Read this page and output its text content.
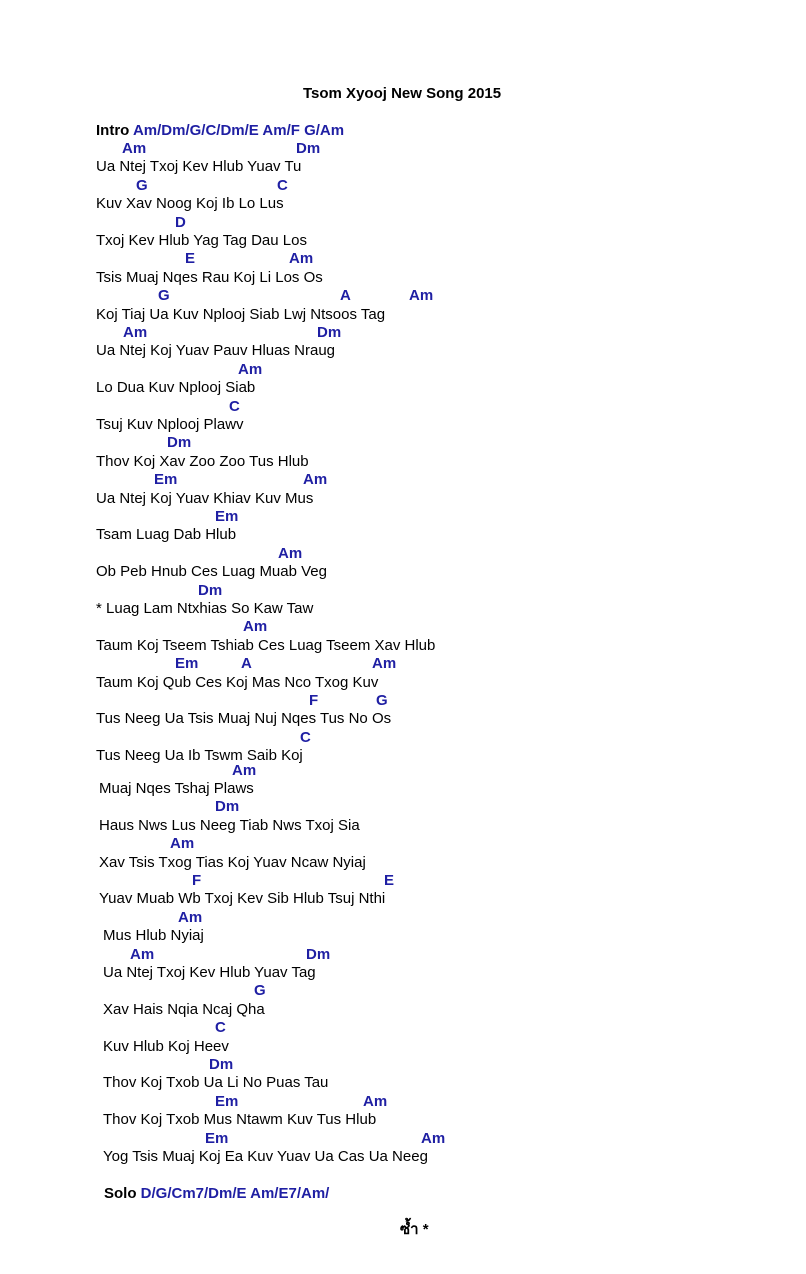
Tsom Xyooj New Song 2015
Intro Am/Dm/G/C/Dm/E Am/F G/Am
Am	Dm
G	C
D
E	Am
G	A	Am
Am	Dm
Am
C
Dm
Em	Am
Em
Am
Dm
Am
Em	A	Am
F	G
C
Am
Dm
Am
F	E
Am
Am	Dm
G
C
Dm
Em	Am
Em	Am
Ua Ntej Txoj Kev Hlub Yuav Tu
Kuv Xav Noog Koj Ib Lo Lus
Txoj Kev Hlub Yag Tag Dau Los
Tsis Muaj Nqes Rau Koj Li Los Os
Koj Tiaj Ua Kuv Nplooj Siab Lwj Ntsoos Tag
Ua Ntej Koj Yuav Pauv Hluas Nraug
Lo Dua Kuv Nplooj Siab
Tsuj Kuv Nplooj Plawv
Thov Koj Xav Zoo Zoo Tus Hlub
Ua Ntej Koj Yuav Khiav Kuv Mus
Tsam Luag Dab Hlub
Ob Peb Hnub Ces Luag Muab Veg
* Luag Lam Ntxhias So Kaw Taw
Taum Koj Tseem Tshiab Ces Luag Tseem Xav Hlub
Taum Koj Qub Ces Koj Mas Nco Txog Kuv
Tus Neeg Ua Tsis Muaj Nuj Nqes Tus No Os
Tus Neeg Ua Ib Tswm Saib Koj
Muaj Nqes Tshaj Plaws
Haus Nws Lus Neeg Tiab Nws Txoj Sia
Xav Tsis Txog Tias Koj Yuav Ncaw Nyiaj
Yuav Muab Wb Txoj Kev Sib Hlub Tsuj Nthi
Mus Hlub Nyiaj
Ua Ntej Txoj Kev Hlub Yuav Tag
Xav Hais Nqia Ncaj Qha
Kuv Hlub Koj Heev
Thov Koj Txob Ua Li No Puas Tau
Thov Koj Txob Mus Ntawm Kuv Tus Hlub
Yog Tsis Muaj Koj Ea Kuv Yuav Ua Cas Ua Neeg
Solo D/G/Cm7/Dm/E Am/E7/Am/
ซ้ำ *
